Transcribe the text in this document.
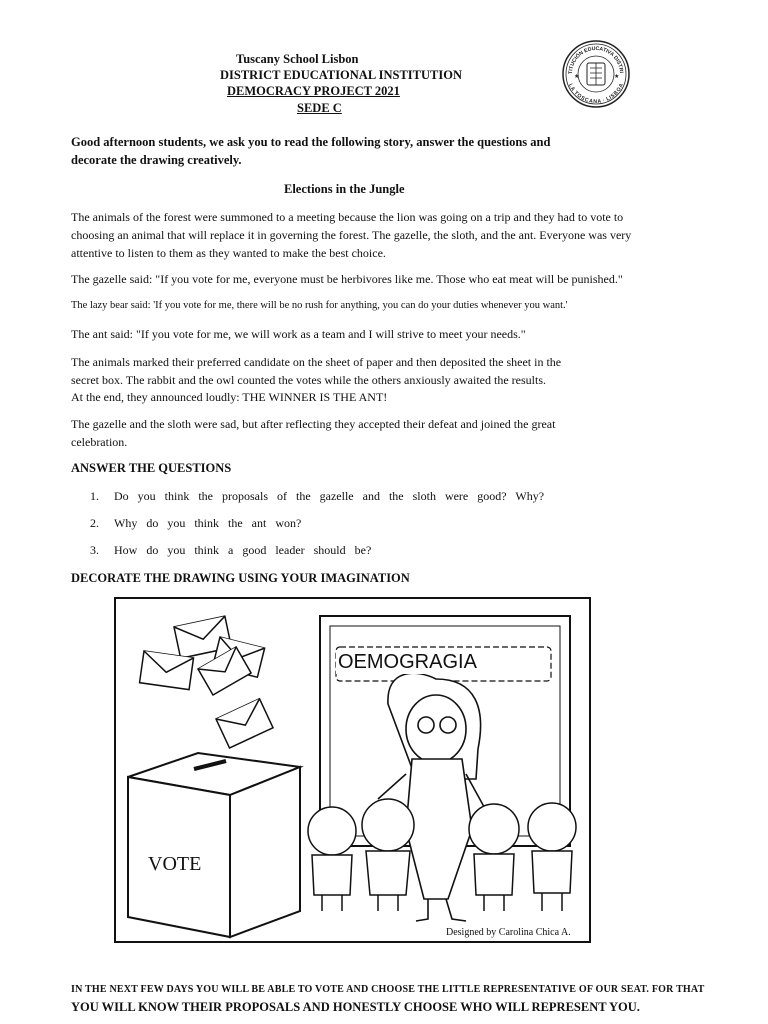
Tuscany School Lisbon
DISTRICT EDUCATIONAL INSTITUTION
DEMOCRACY PROJECT 2021
SEDE C
TITUCIÓN EDUCATIVA DISTRI
LA TOSCANA · LISBOA
★	★
Good afternoon students, we ask you to read the following story, answer the questions and decorate the drawing creatively.
Elections in the Jungle
The animals of the forest were summoned to a meeting because the lion was going on a trip and they had to vote to choosing an animal that will replace it in governing the forest. The gazelle, the sloth, and the ant. Everyone was very attentive to listen to them as they wanted to make the best choice.
The gazelle said: "If you vote for me, everyone must be herbivores like me. Those who eat meat will be punished."
The lazy bear said: 'If you vote for me, there will be no rush for anything, you can do your duties whenever you want.'
The ant said: "If you vote for me, we will work as a team and I will strive to meet your needs."
The animals marked their preferred candidate on the sheet of paper and then deposited the sheet in the
secret box. The rabbit and the owl counted the votes while the others anxiously awaited the results.
At the end, they announced loudly: THE WINNER IS THE ANT!
The gazelle and the sloth were sad, but after reflecting they accepted their defeat and joined the great celebration.
ANSWER THE QUESTIONS
1. Do you think the proposals of the gazelle and the sloth were good? Why?
2. Why do you think the ant won?
3. How do you think a good leader should be?
DECORATE THE DRAWING USING YOUR IMAGINATION
OEMOGRAGIA
VOTE
Designed by Carolina Chica A.
IN THE NEXT FEW DAYS YOU WILL BE ABLE TO VOTE AND CHOOSE THE LITTLE REPRESENTATIVE OF OUR SEAT. FOR THAT
YOU WILL KNOW THEIR PROPOSALS AND HONESTLY CHOOSE WHO WILL REPRESENT YOU.
